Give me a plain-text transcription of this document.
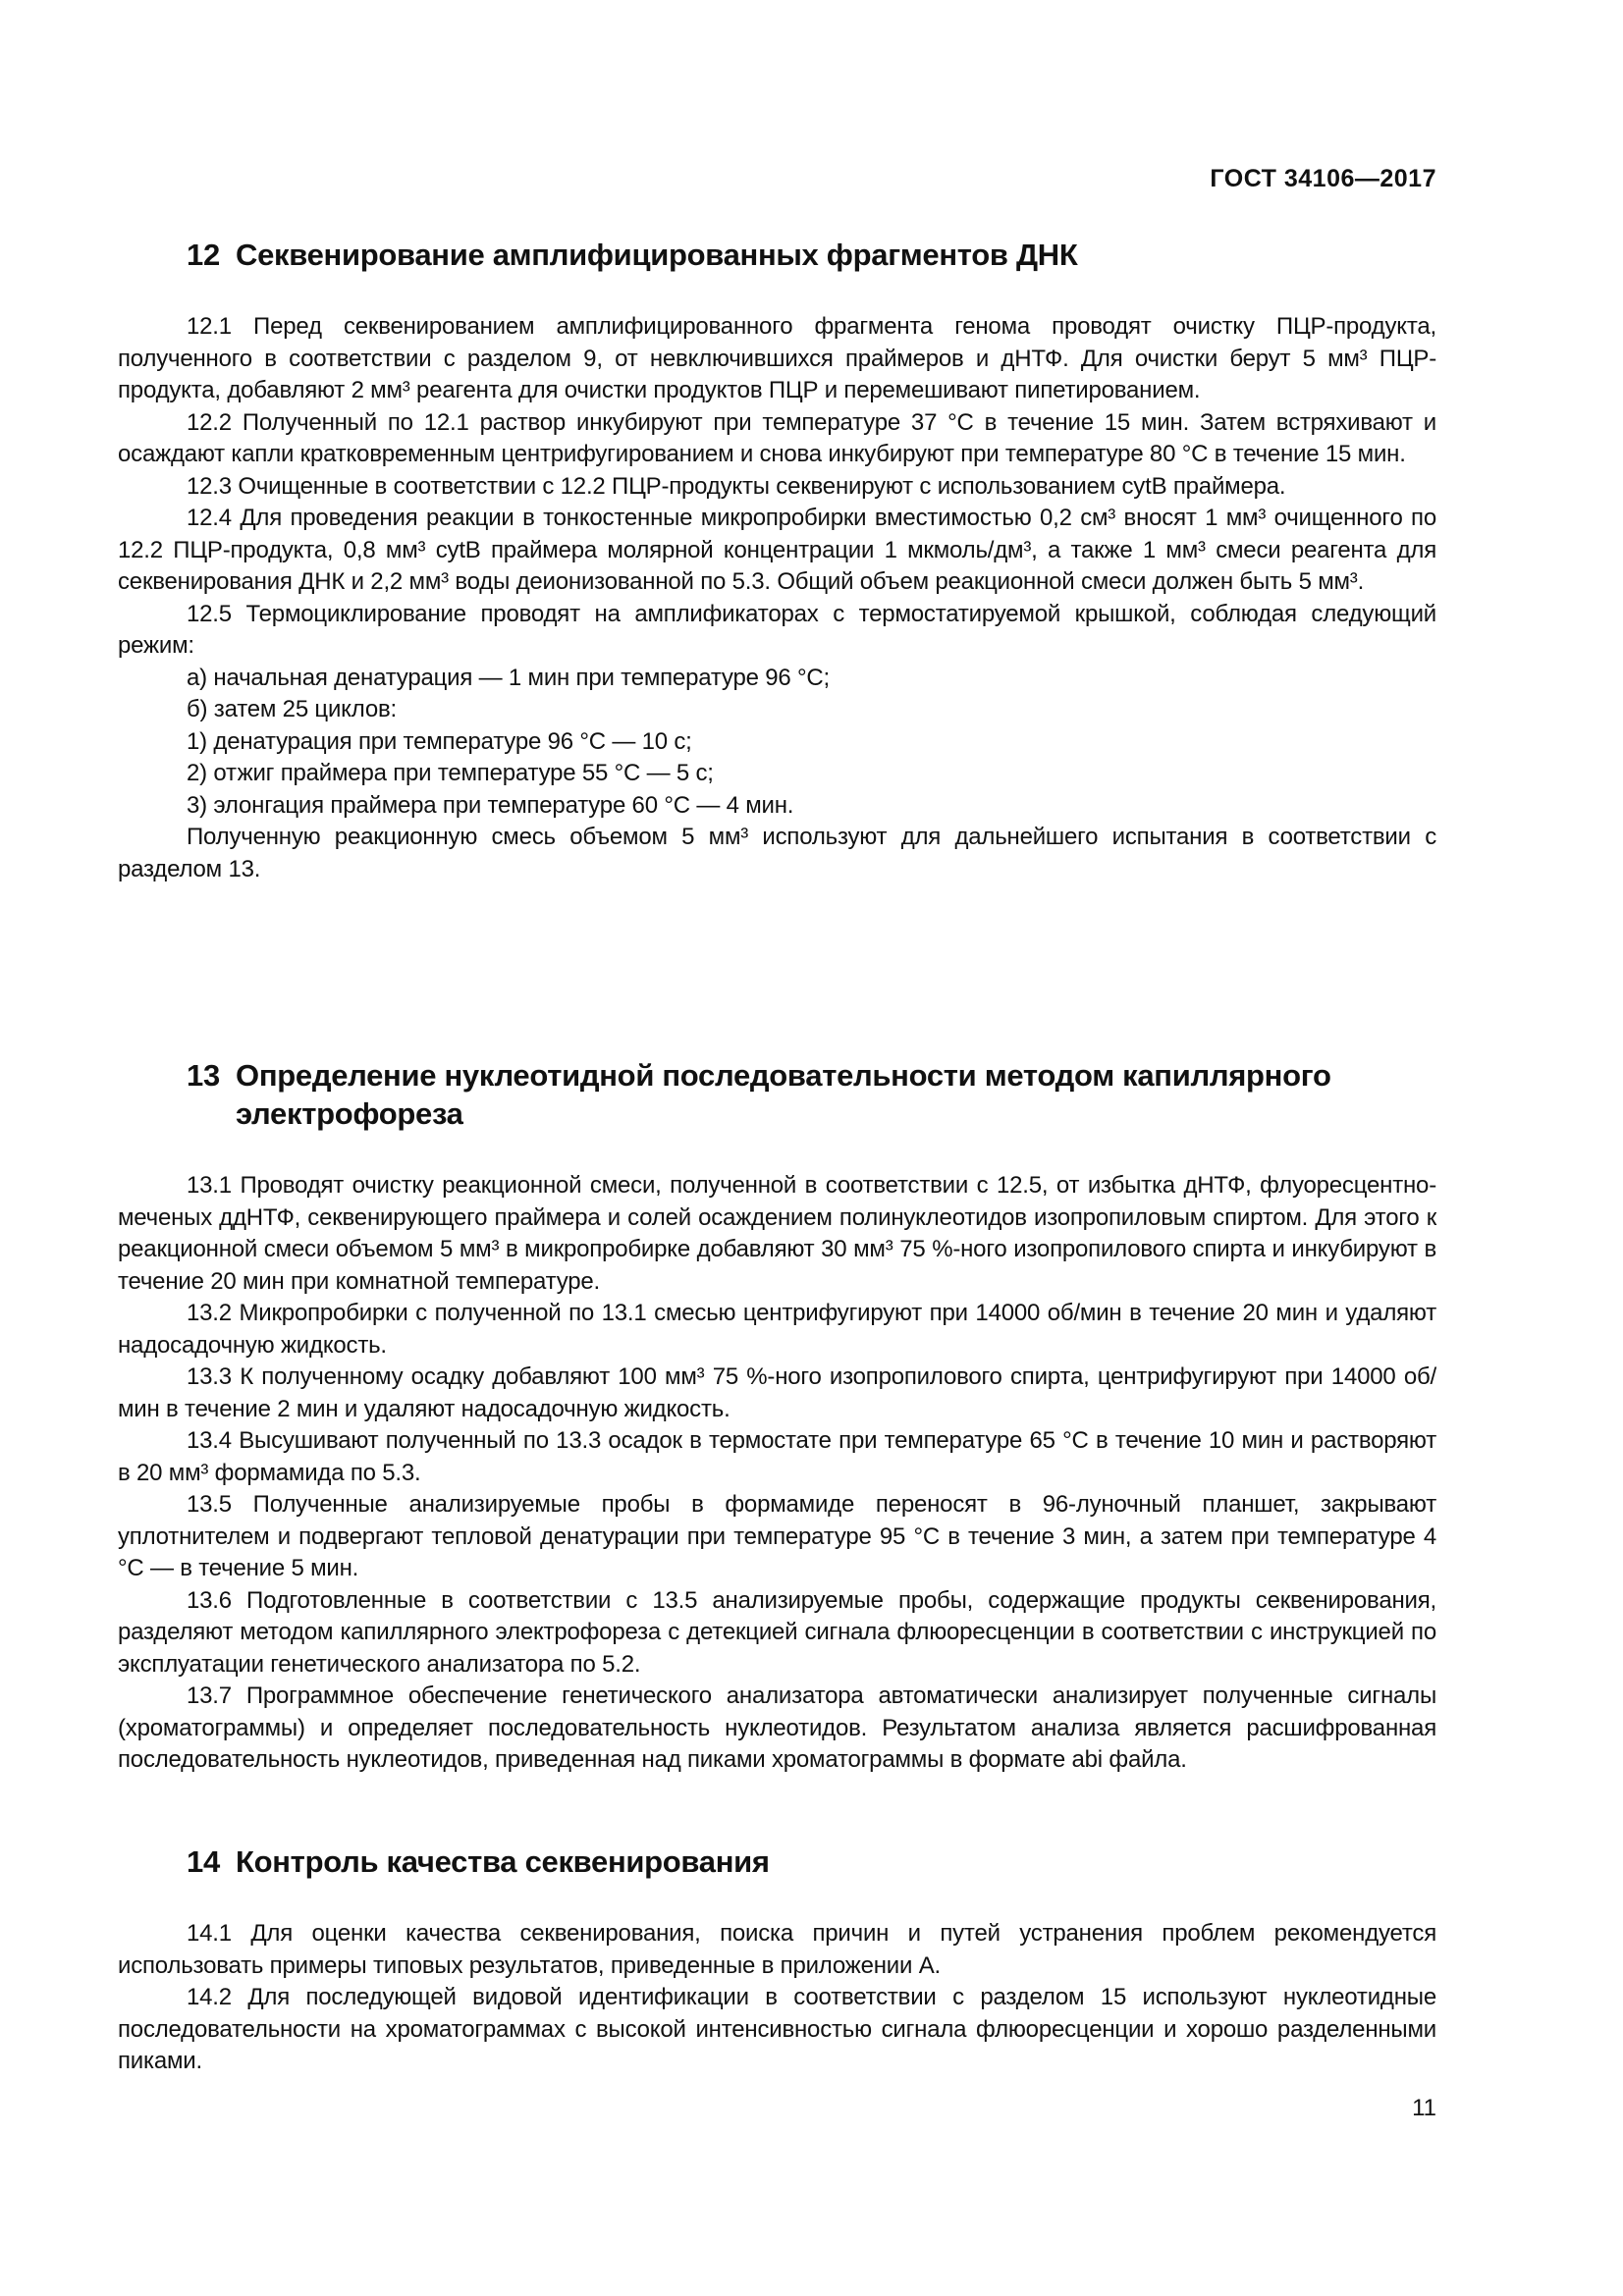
ГОСТ 34106—2017
12 Секвенирование амплифицированных фрагментов ДНК

12.1 Перед секвенированием амплифицированного фрагмента генома проводят очистку ПЦР-продукта, полученного в соответствии с разделом 9, от невключившихся праймеров и дНТФ. Для очистки берут 5 мм³ ПЦР-продукта, добавляют 2 мм³ реагента для очистки продуктов ПЦР и перемешивают пипетированием.

12.2 Полученный по 12.1 раствор инкубируют при температуре 37 °C в течение 15 мин. Затем встряхивают и осаждают капли кратковременным центрифугированием и снова инкубируют при температуре 80 °C в течение 15 мин.

12.3 Очищенные в соответствии с 12.2 ПЦР-продукты секвенируют с использованием cytB праймера.

12.4 Для проведения реакции в тонкостенные микропробирки вместимостью 0,2 см³ вносят 1 мм³ очищенного по 12.2 ПЦР-продукта, 0,8 мм³ cytB праймера молярной концентрации 1 мкмоль/дм³, а также 1 мм³ смеси реагента для секвенирования ДНК и 2,2 мм³ воды деионизованной по 5.3. Общий объем реакционной смеси должен быть 5 мм³.

12.5 Термоциклирование проводят на амплификаторах с термостатируемой крышкой, соблюдая следующий режим:

а) начальная денатурация — 1 мин при температуре 96 °C;

б) затем 25 циклов:

1) денатурация при температуре 96 °C — 10 с;

2) отжиг праймера при температуре 55 °C — 5 с;

3) элонгация праймера при температуре 60 °C — 4 мин.

Полученную реакционную смесь объемом 5 мм³ используют для дальнейшего испытания в соответствии с разделом 13.

13 Определение нуклеотидной последовательности методом капиллярного электрофореза

13.1 Проводят очистку реакционной смеси, полученной в соответствии с 12.5, от избытка дНТФ, флуоресцентно-меченых ддНТФ, секвенирующего праймера и солей осаждением полинуклеотидов изопропиловым спиртом. Для этого к реакционной смеси объемом 5 мм³ в микропробирке добавляют 30 мм³ 75 %-ного изопропилового спирта и инкубируют в течение 20 мин при комнатной температуре.

13.2 Микропробирки с полученной по 13.1 смесью центрифугируют при 14000 об/мин в течение 20 мин и удаляют надосадочную жидкость.

13.3 К полученному осадку добавляют 100 мм³ 75 %-ного изопропилового спирта, центрифугируют при 14000 об/мин в течение 2 мин и удаляют надосадочную жидкость.

13.4 Высушивают полученный по 13.3 осадок в термостате при температуре 65 °C в течение 10 мин и растворяют в 20 мм³ формамида по 5.3.

13.5 Полученные анализируемые пробы в формамиде переносят в 96-луночный планшет, закрывают уплотнителем и подвергают тепловой денатурации при температуре 95 °C в течение 3 мин, а затем при температуре 4 °C — в течение 5 мин.

13.6 Подготовленные в соответствии с 13.5 анализируемые пробы, содержащие продукты секвенирования, разделяют методом капиллярного электрофореза с детекцией сигнала флюоресценции в соответствии с инструкцией по эксплуатации генетического анализатора по 5.2.

13.7 Программное обеспечение генетического анализатора автоматически анализирует полученные сигналы (хроматограммы) и определяет последовательность нуклеотидов. Результатом анализа является расшифрованная последовательность нуклеотидов, приведенная над пиками хроматограммы в формате abi файла.

14 Контроль качества секвенирования

14.1 Для оценки качества секвенирования, поиска причин и путей устранения проблем рекомендуется использовать примеры типовых результатов, приведенные в приложении А.

14.2 Для последующей видовой идентификации в соответствии с разделом 15 используют нуклеотидные последовательности на хроматограммах с высокой интенсивностью сигнала флюоресценции и хорошо разделенными пиками.

11
